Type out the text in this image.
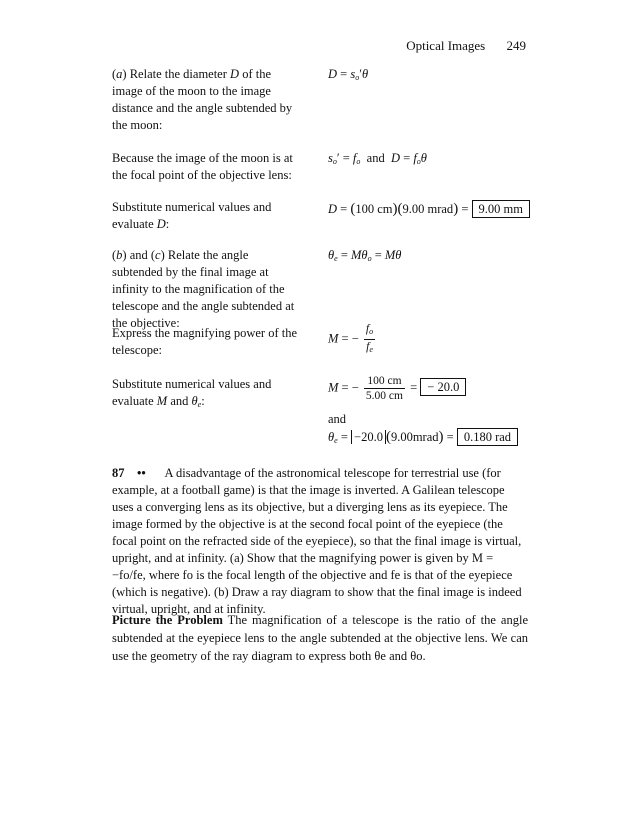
Optical Images 249
(a) Relate the diameter D of the image of the moon to the image distance and the angle subtended by the moon:
$D = s_o'\theta$
Because the image of the moon is at the focal point of the objective lens:
$s_o' = f_o$ and $D = f_o\theta$
Substitute numerical values and evaluate D:
D = (100 cm)(9.00 mrad) = 9.00 mm
(b) and (c) Relate the angle subtended by the final image at infinity to the magnification of the telescope and the angle subtended at the objective:
$\theta_e = M\theta_o = M\theta$
Express the magnifying power of the telescope:
M = − $\frac{f_o}{f_e}$
Substitute numerical values and evaluate M and $\theta_e$:
M = − $\frac{100 cm}{5.00 cm}$ = − 20.0
and
$\theta_e = -20.0$ (9.00mrad) = 0.180 rad
87 •• A disadvantage of the astronomical telescope for terrestrial use (for example, at a football game) is that the image is inverted. A Galilean telescope uses a converging lens as its objective, but a diverging lens as its eyepiece. The image formed by the objective is at the second focal point of the eyepiece (the focal point on the refracted side of the eyepiece), so that the final image is virtual, upright, and at infinity. (a) Show that the magnifying power is given by M = −fo/fe, where fo is the focal length of the objective and fe is that of the eyepiece (which is negative). (b) Draw a ray diagram to show that the final image is indeed virtual, upright, and at infinity.
Picture the Problem The magnification of a telescope is the ratio of the angle subtended at the eyepiece lens to the angle subtended at the objective lens. We can use the geometry of the ray diagram to express both θe and θo.
